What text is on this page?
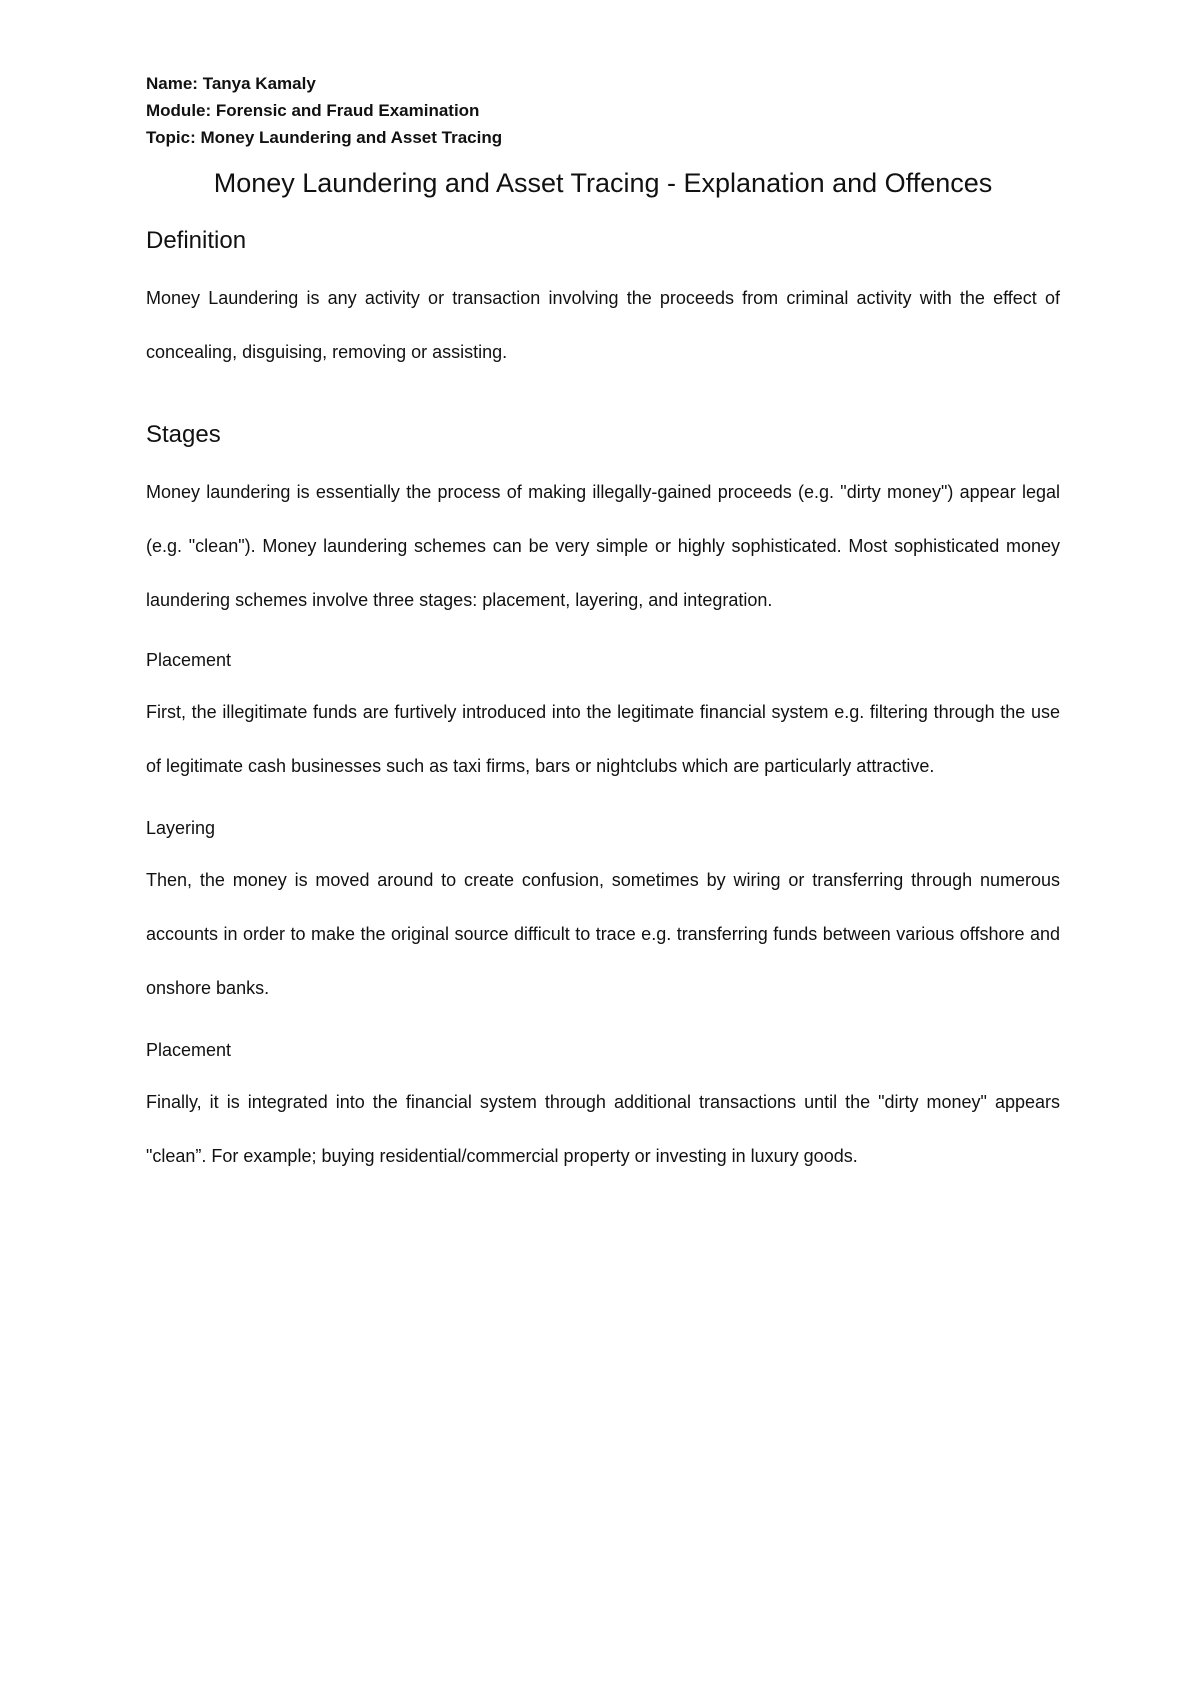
Name: Tanya Kamaly

Module: Forensic and Fraud Examination

Topic: Money Laundering and Asset Tracing

Money Laundering and Asset Tracing - Explanation and Offences
Definition

Money Laundering is any activity or transaction involving the proceeds from criminal activity with the effect of concealing, disguising, removing or assisting.

Stages

Money laundering is essentially the process of making illegally-gained proceeds (e.g. "dirty money") appear legal (e.g. "clean"). Money laundering schemes can be very simple or highly sophisticated. Most sophisticated money laundering schemes involve three stages: placement, layering, and integration.

Placement

First, the illegitimate funds are furtively introduced into the legitimate financial system e.g. filtering through the use of legitimate cash businesses such as taxi firms, bars or nightclubs which are particularly attractive.

Layering

Then, the money is moved around to create confusion, sometimes by wiring or transferring through numerous accounts in order to make the original source difficult to trace e.g. transferring funds between various offshore and onshore banks.

Placement

Finally, it is integrated into the financial system through additional transactions until the "dirty money" appears "clean”. For example; buying residential/commercial property or investing in luxury goods.
